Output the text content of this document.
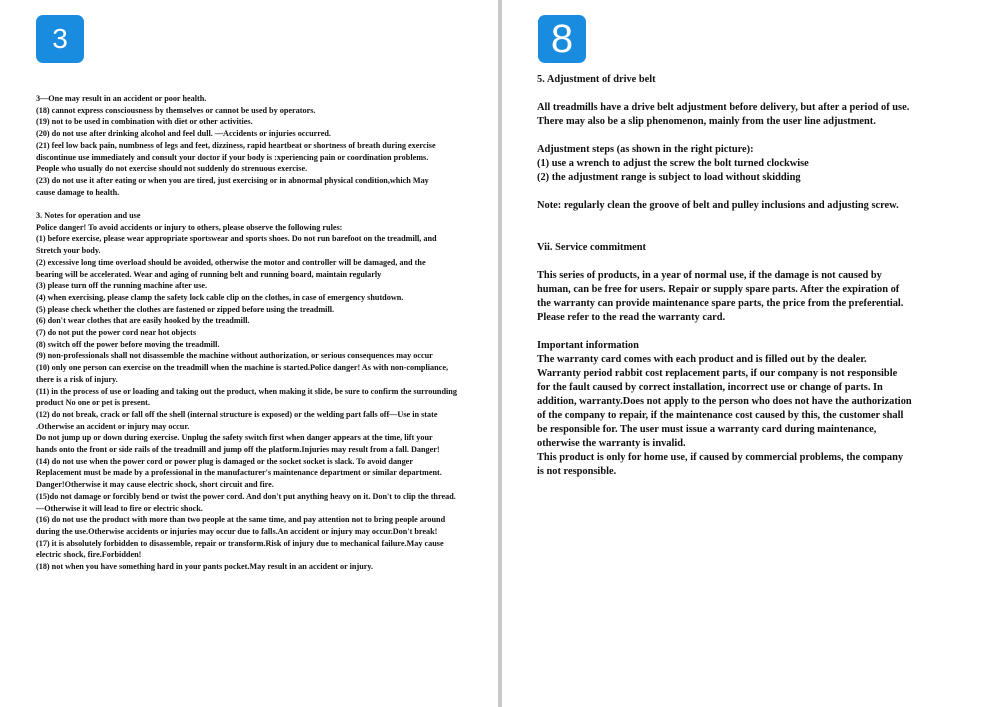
3
3—One may result in an accident or poor health.
(18) cannot express consciousness by themselves or cannot be used by operators.
(19) not to be used in combination with diet or other activities.
(20) do not use after drinking alcohol and feel dull. —Accidents or injuries occurred.
(21) feel low back pain, numbness of legs and feet, dizziness, rapid heartbeat or shortness of breath during exercise
discontinue use immediately and consult your doctor if your body is :xperiencing pain or coordination problems.
People who usually do not exercise should not suddenly do strenuous exercise.
(23) do not use it after eating or when you are tired, just exercising or in abnormal physical condition,which May
cause damage to health.

3. Notes for operation and use
Police danger! To avoid accidents or injury to others, please observe the following rules:
(1) before exercise, please wear appropriate sportswear and sports shoes. Do not run barefoot on the treadmill, and
Stretch your body.
(2) excessive long time overload should be avoided, otherwise the motor and controller will be damaged, and the
bearing will be accelerated. Wear and aging of running belt and running board, maintain regularly
(3) please turn off the running machine after use.
(4) when exercising, please clamp the safety lock cable clip on the clothes, in case of emergency shutdown.
(5) please check whether the clothes are fastened or zipped before using the treadmill.
(6) don't wear clothes that are easily hooked by the treadmill.
(7) do not put the power cord near hot objects
(8) switch off the power before moving the treadmill.
(9) non-professionals shall not disassemble the machine without authorization, or serious consequences may occur
(10) only one person can exercise on the treadmill when the machine is started.Police danger! As with non-compliance,
there is a risk of injury.
(11) in the process of use or loading and taking out the product, when making it slide, be sure to confirm the surrounding
product No one or pet is present.
(12) do not break, crack or fall off the shell (internal structure is exposed) or the welding part falls off—Use in state
.Otherwise an accident or injury may occur.
Do not jump up or down during exercise. Unplug the safety switch first when danger appears at the time, lift your
hands onto the front or side rails of the treadmill and jump off the platform.Injuries may result from a fall. Danger!
(14) do not use when the power cord or power plug is damaged or the socket socket is slack. To avoid danger
Replacement must be made by a professional in the manufacturer's maintenance department or similar department.
Danger!Otherwise it may cause electric shock, short circuit and fire.
(15)do not damage or forcibly bend or twist the power cord. And don't put anything heavy on it. Don't to clip the thread.
—Otherwise it will lead to fire or electric shock.
(16) do not use the product with more than two people at the same time, and pay attention not to bring people around
during the use.Otherwise accidents or injuries may occur due to falls.An accident or injury may occur.Don't break!
(17) it is absolutely forbidden to disassemble, repair or transform.Risk of injury due to mechanical failure.May cause
electric shock, fire.Forbidden!
(18) not when you have something hard in your pants pocket.May result in an accident or injury.
8
5. Adjustment of drive belt

All treadmills have a drive belt adjustment before delivery, but after a period of use.
There may also be a slip phenomenon, mainly from the user line adjustment.

Adjustment steps (as shown in the right picture):
(1) use a wrench to adjust the screw the bolt turned clockwise
(2) the adjustment range is subject to load without skidding

Note: regularly clean the groove of belt and pulley inclusions and adjusting screw.

Vii. Service commitment

This series of products, in a year of normal use, if the damage is not caused by
human, can be free for users. Repair or supply spare parts. After the expiration of
the warranty can provide maintenance spare parts, the price from the preferential.
Please refer to the read the warranty card.

Important information
The warranty card comes with each product and is filled out by the dealer.
Warranty period rabbit cost replacement parts, if our company is not responsible
for the fault caused by correct installation, incorrect use or change of parts. In
addition, warranty.Does not apply to the person who does not have the authorization
of the company to repair, if the maintenance cost caused by this, the customer shall
be responsible for. The user must issue a warranty card during maintenance,
otherwise the warranty is invalid.
This product is only for home use, if caused by commercial problems, the company
is not responsible.
